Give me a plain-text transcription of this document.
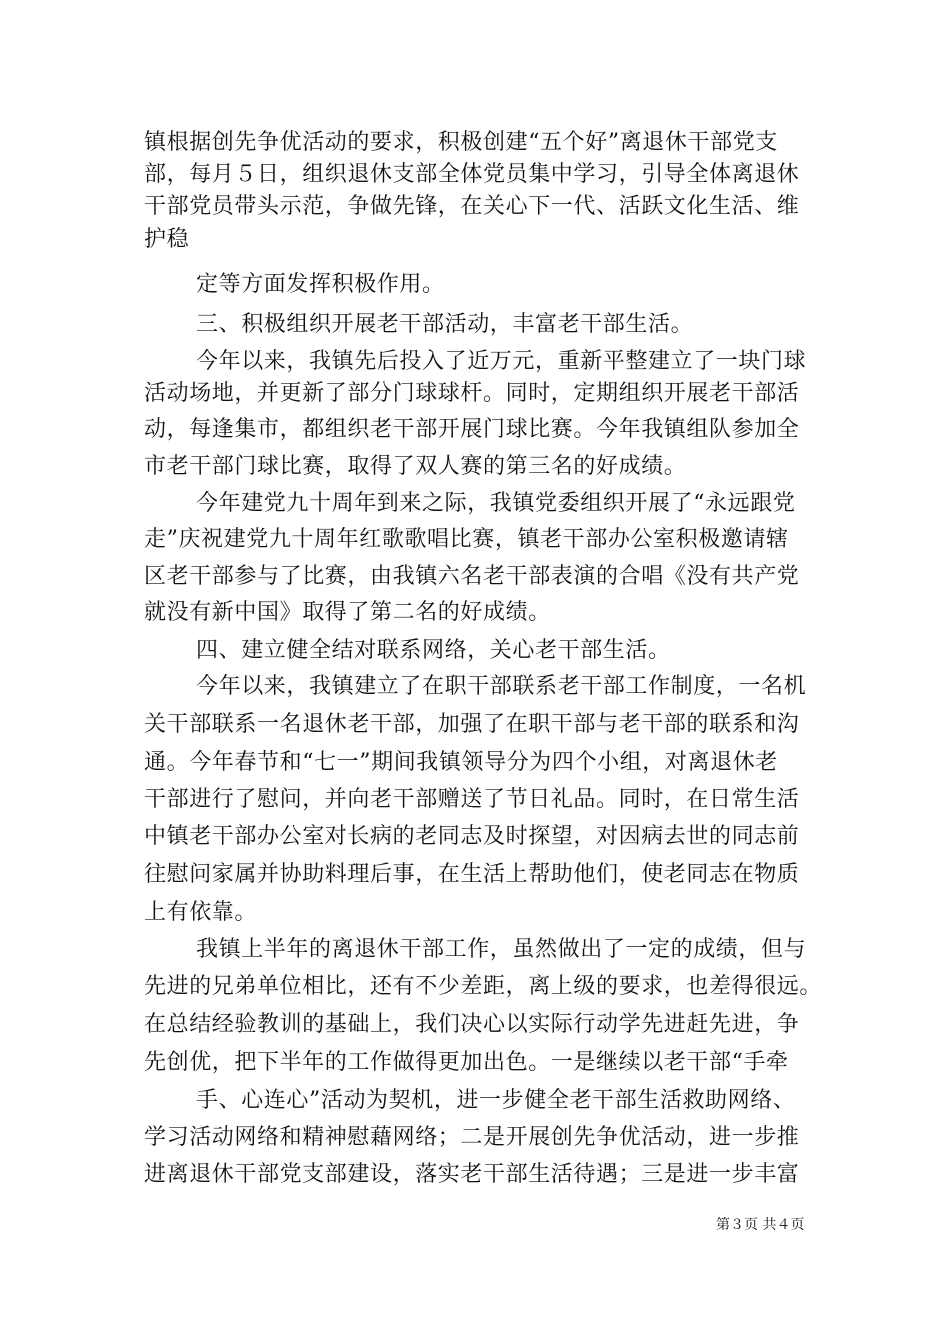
镇根据创先争优活动的要求，积极创建“五个好”离退休干部党支
部，每月５日，组织退休支部全体党员集中学习，引导全体离退休
干部党员带头示范，争做先锋，在关心下一代、活跃文化生活、维
护稳
定等方面发挥积极作用。
三、积极组织开展老干部活动，丰富老干部生活。
今年以来，我镇先后投入了近万元，重新平整建立了一块门球
活动场地，并更新了部分门球球杆。同时，定期组织开展老干部活
动，每逢集市，都组织老干部开展门球比赛。今年我镇组队参加全
市老干部门球比赛，取得了双人赛的第三名的好成绩。
今年建党九十周年到来之际，我镇党委组织开展了“永远跟党
走”庆祝建党九十周年红歌歌唱比赛，镇老干部办公室积极邀请辖
区老干部参与了比赛，由我镇六名老干部表演的合唱《没有共产党
就没有新中国》取得了第二名的好成绩。
四、建立健全结对联系网络，关心老干部生活。
今年以来，我镇建立了在职干部联系老干部工作制度，一名机
关干部联系一名退休老干部，加强了在职干部与老干部的联系和沟
通。今年春节和“七一”期间我镇领导分为四个小组，对离退休老
干部进行了慰问，并向老干部赠送了节日礼品。同时，在日常生活
中镇老干部办公室对长病的老同志及时探望，对因病去世的同志前
往慰问家属并协助料理后事，在生活上帮助他们，使老同志在物质
上有依靠。
我镇上半年的离退休干部工作，虽然做出了一定的成绩，但与
先进的兄弟单位相比，还有不少差距，离上级的要求，也差得很远。
在总结经验教训的基础上，我们决心以实际行动学先进赶先进，争
先创优，把下半年的工作做得更加出色。一是继续以老干部“手牵
手、心连心”活动为契机，进一步健全老干部生活救助网络、
学习活动网络和精神慰藉网络；二是开展创先争优活动，进一步推
进离退休干部党支部建设，落实老干部生活待遇；三是进一步丰富
第３页 共４页
